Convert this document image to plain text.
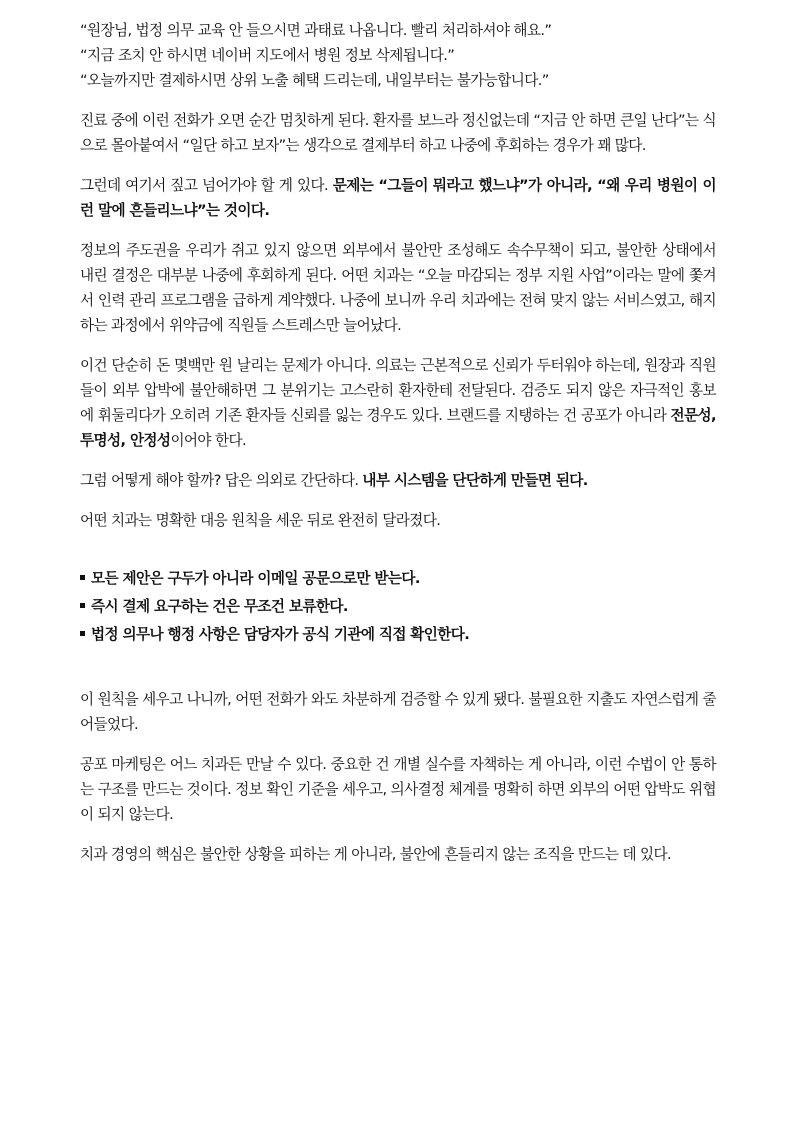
“원장님, 법정 의무 교육 안 들으시면 과태료 나옵니다. 빨리 처리하셔야 해요.”
“지금 조치 안 하시면 네이버 지도에서 병원 정보 삭제됩니다.”
“오늘까지만 결제하시면 상위 노출 혜택 드리는데, 내일부터는 불가능합니다.”

진료 중에 이런 전화가 오면 순간 멈칫하게 된다. 환자를 보느라 정신없는데 “지금 안 하면 큰일 난다”는 식으로 몰아붙여서 “일단 하고 보자”는 생각으로 결제부터 하고 나중에 후회하는 경우가 꽤 많다.

그런데 여기서 짚고 넘어가야 할 게 있다. 문제는 “그들이 뭐라고 했느냐”가 아니라, “왜 우리 병원이 이런 말에 흔들리느냐”는 것이다.

정보의 주도권을 우리가 쥐고 있지 않으면 외부에서 불안만 조성해도 속수무책이 되고, 불안한 상태에서 내린 결정은 대부분 나중에 후회하게 된다. 어떤 치과는 “오늘 마감되는 정부 지원 사업”이라는 말에 쫓겨서 인력 관리 프로그램을 급하게 계약했다. 나중에 보니까 우리 치과에는 전혀 맞지 않는 서비스였고, 해지하는 과정에서 위약금에 직원들 스트레스만 늘어났다.

이건 단순히 돈 몇백만 원 날리는 문제가 아니다. 의료는 근본적으로 신뢰가 두터워야 하는데, 원장과 직원들이 외부 압박에 불안해하면 그 분위기는 고스란히 환자한테 전달된다. 검증도 되지 않은 자극적인 홍보에 휘둘리다가 오히려 기존 환자들 신뢰를 잃는 경우도 있다. 브랜드를 지탱하는 건 공포가 아니라 전문성, 투명성, 안정성이어야 한다.

그럼 어떻게 해야 할까? 답은 의외로 간단하다. 내부 시스템을 단단하게 만들면 된다.

어떤 치과는 명확한 대응 원칙을 세운 뒤로 완전히 달라졌다.

모든 제안은 구두가 아니라 이메일 공문으로만 받는다.
즉시 결제 요구하는 건은 무조건 보류한다.
법정 의무나 행정 사항은 담당자가 공식 기관에 직접 확인한다.

이 원칙을 세우고 나니까, 어떤 전화가 와도 차분하게 검증할 수 있게 됐다. 불필요한 지출도 자연스럽게 줄어들었다.

공포 마케팅은 어느 치과든 만날 수 있다. 중요한 건 개별 실수를 자책하는 게 아니라, 이런 수법이 안 통하는 구조를 만드는 것이다. 정보 확인 기준을 세우고, 의사결정 체계를 명확히 하면 외부의 어떤 압박도 위협이 되지 않는다.

치과 경영의 핵심은 불안한 상황을 피하는 게 아니라, 불안에 흔들리지 않는 조직을 만드는 데 있다.
